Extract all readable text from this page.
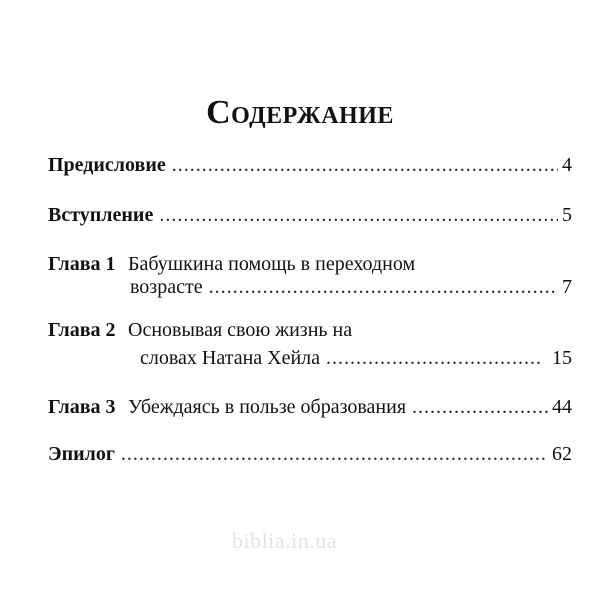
Содержание
Предисловие .....	4
Вступление .....	5
Глава 1 Бабушкина помощь в переходном
возрасте .....	7
Глава 2 Основывая свою жизнь на
словах Натана Хейла .....	15
Глава 3 Убеждаясь в пользе образования .....	44
Эпилог .....	62
biblia.in.ua
